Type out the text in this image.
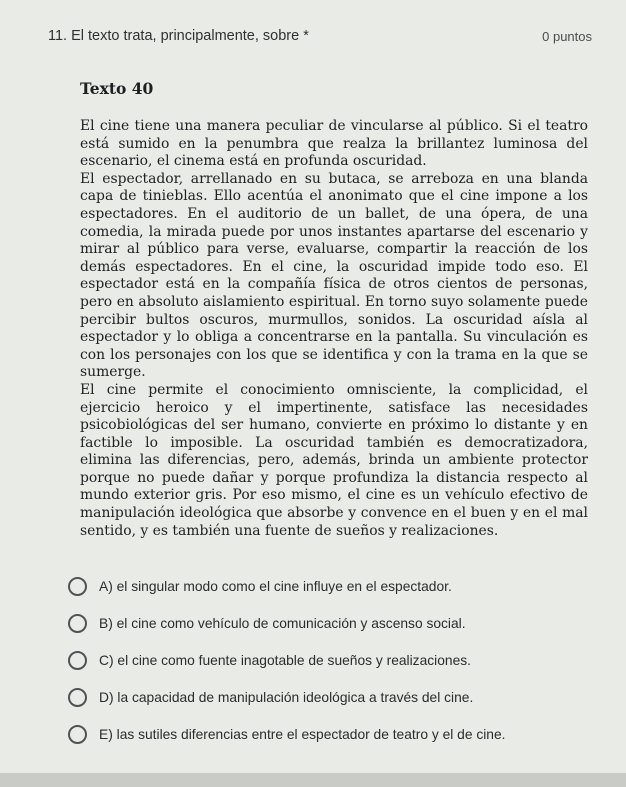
11. El texto trata, principalmente, sobre *	0 puntos
Texto 40

El cine tiene una manera peculiar de vincularse al público. Si el teatro está sumido en la penumbra que realza la brillantez luminosa del escenario, el cinema está en profunda oscuridad.

El espectador, arrellanado en su butaca, se arreboza en una blanda capa de tinieblas. Ello acentúa el anonimato que el cine impone a los espectadores. En el auditorio de un ballet, de una ópera, de una comedia, la mirada puede por unos instantes apartarse del escenario y mirar al público para verse, evaluarse, compartir la reacción de los demás espectadores. En el cine, la oscuridad impide todo eso. El espectador está en la compañía física de otros cientos de personas, pero en absoluto aislamiento espiritual. En torno suyo solamente puede percibir bultos oscuros, murmullos, sonidos. La oscuridad aísla al espectador y lo obliga a concentrarse en la pantalla. Su vinculación es con los personajes con los que se identifica y con la trama en la que se sumerge.

El cine permite el conocimiento omnisciente, la complicidad, el ejercicio heroico y el impertinente, satisface las necesidades psicobiológicas del ser humano, convierte en próximo lo distante y en factible lo imposible. La oscuridad también es democratizadora, elimina las diferencias, pero, además, brinda un ambiente protector porque no puede dañar y porque profundiza la distancia respecto al mundo exterior gris. Por eso mismo, el cine es un vehículo efectivo de manipulación ideológica que absorbe y convence en el buen y en el mal sentido, y es también una fuente de sueños y realizaciones.

A) el singular modo como el cine influye en el espectador.
B) el cine como vehículo de comunicación y ascenso social.
C) el cine como fuente inagotable de sueños y realizaciones.
D) la capacidad de manipulación ideológica a través del cine.
E) las sutiles diferencias entre el espectador de teatro y el de cine.
